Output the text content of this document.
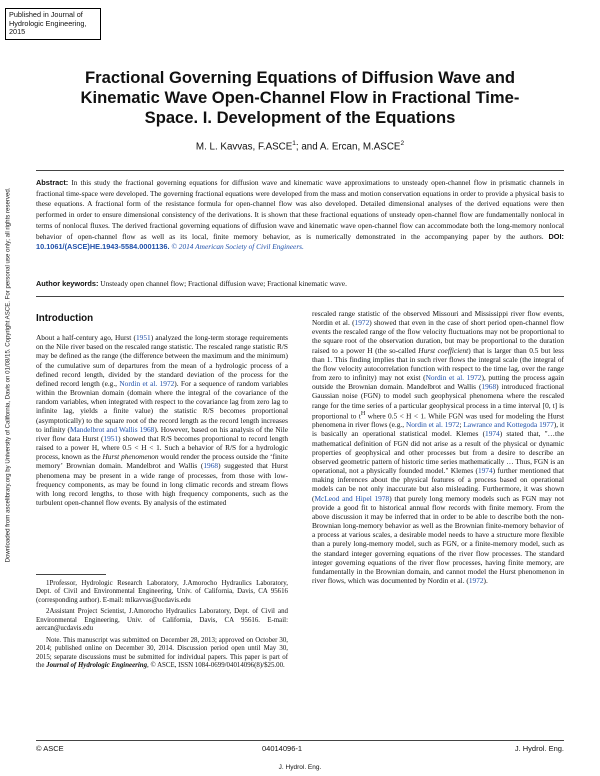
Published in Journal of Hydrologic Engineering, 2015
Downloaded from ascelibrary.org by University of California, Davis on 01/08/15. Copyright ASCE. For personal use only; all rights reserved.
Fractional Governing Equations of Diffusion Wave and Kinematic Wave Open-Channel Flow in Fractional Time-Space. I. Development of the Equations
M. L. Kavvas, F.ASCE$^1$; and A. Ercan, M.ASCE$^2$

Abstract: In this study the fractional governing equations for diffusion wave and kinematic wave approximations to unsteady open-channel flow in prismatic channels in fractional time-space were developed. The governing fractional equations were developed from the mass and motion conservation equations in order to provide a physical basis to these equations. A fractional form of the resistance formula for open-channel flow was also developed. Detailed dimensional analyses of the derived equations were then performed in order to ensure dimensional consistency of the derivations. It is shown that these fractional equations of unsteady open-channel flow are fundamentally nonlocal in terms of nonlocal fluxes. The derived fractional governing equations of diffusion wave and kinematic wave open-channel flow can accommodate both the long-memory nonlocal behavior of open-channel flow as well as its local, finite memory behavior, as is numerically demonstrated in the accompanying paper by the authors. DOI: 10.1061/(ASCE)HE.1943-5584.0001136. © 2014 American Society of Civil Engineers.

Author keywords: Unsteady open channel flow; Fractional diffusion wave; Fractional kinematic wave.

Introduction

About a half-century ago, Hurst (1951) analyzed the long-term storage requirements on the Nile river based on the rescaled range statistic. The rescaled range statistic R/S may be defined as the range (the difference between the maximum and the minimum) of the cumulative sum of departures from the mean of a hydrologic process of a defined record length, divided by the standard deviation of the process for the defined record length (e.g., Nordin et al. 1972). For a sequence of random variables within the Brownian domain (domain where the integral of the covariance of the random variables, when integrated with respect to the covariance lag from zero lag to infinite lag, yields a finite value) the statistic R/S becomes proportional (asymptotically) to the square root of the record length as the record length increases to infinity (Mandelbrot and Wallis 1968). However, based on his analysis of the Nile river flow data Hurst (1951) showed that R/S becomes proportional to record length raised to a power H, where 0.5 < H < 1. Such a behavior of R/S for a hydrologic process, known as the Hurst phenomenon would render the process outside the ‘finite memory’ Brownian domain. Mandelbrot and Wallis (1968) suggested that Hurst phenomena may be present in a wide range of processes, from those with low-frequency components, as may be found in long climatic records and stream flows with long record lengths, to those with high frequency components, such as the turbulent open-channel flow events. By analysis of the estimated

1Professor, Hydrologic Research Laboratory, J.Amorocho Hydraulics Laboratory, Dept. of Civil and Environmental Engineering, Univ. of California, Davis, CA 95616 (corresponding author). E-mail: mlkavvas@ucdavis.edu

2Assistant Project Scientist, J.Amorocho Hydraulics Laboratory, Dept. of Civil and Environmental Engineering, Univ. of California, Davis, CA 95616. E-mail: aercan@ucdavis.edu

Note. This manuscript was submitted on December 28, 2013; approved on October 30, 2014; published online on December 30, 2014. Discussion period open until May 30, 2015; separate discussions must be submitted for individual papers. This paper is part of the Journal of Hydrologic Engineering, © ASCE, ISSN 1084-0699/04014096(8)/$25.00.

rescaled range statistic of the observed Missouri and Mississippi river flow events, Nordin et al. (1972) showed that even in the case of short period open-channel flow events the rescaled range of the flow velocity fluctuations may not be proportional to the square root of the observation duration, but may be proportional to the duration raised to a power H (the so-called Hurst coefficient) that is larger than 0.5 but less than 1. This finding implies that in such river flows the integral scale (the integral of the flow velocity autocorrelation function with respect to the time lag, over the range from zero to infinity) may not exist (Nordin et al. 1972), putting the process again outside the Brownian domain. Mandelbrot and Wallis (1968) introduced fractional Gaussian noise (FGN) to model such geophysical phenomena where the rescaled range for the time series of a particular geophysical process in a time interval [0, t] is proportional to $t^H$ where 0.5 < H < 1. While FGN was used for modeling the Hurst phenomena in river flows (e.g., Nordin et al. 1972; Lawrance and Kottegoda 1977), it is basically an operational statistical model. Klemes (1974) stated that, "…the mathematical definition of FGN did not arise as a result of the physical or dynamic properties of geophysical and other processes but from a desire to describe an observed geometric pattern of historic time series mathematically … Thus, FGN is an operational, not a physically founded model." Klemes (1974) further mentioned that making inferences about the physical features of a process based on operational models can be not only inaccurate but also misleading. Furthermore, it was shown (McLeod and Hipel 1978) that purely long memory models such as FGN may not provide a good fit to historical annual flow records with finite memory. From the above discussion it may be inferred that in order to be able to describe both the non-Brownian long-memory behavior as well as the Brownian finite-memory behavior of a process at various scales, a desirable model needs to have a structure more flexible than a purely long-memory model, such as FGN, or a finite-memory model, such as the standard integer governing equations of the river flow processes. The standard integer governing equations of the river flow processes, having finite memory, are fundamentally in the Brownian domain, and cannot model the Hurst phenomenon in river flows, which was documented by Nordin et al. (1972).

© ASCE	04014096-1	J. Hydrol. Eng.
J. Hydrol. Eng.
